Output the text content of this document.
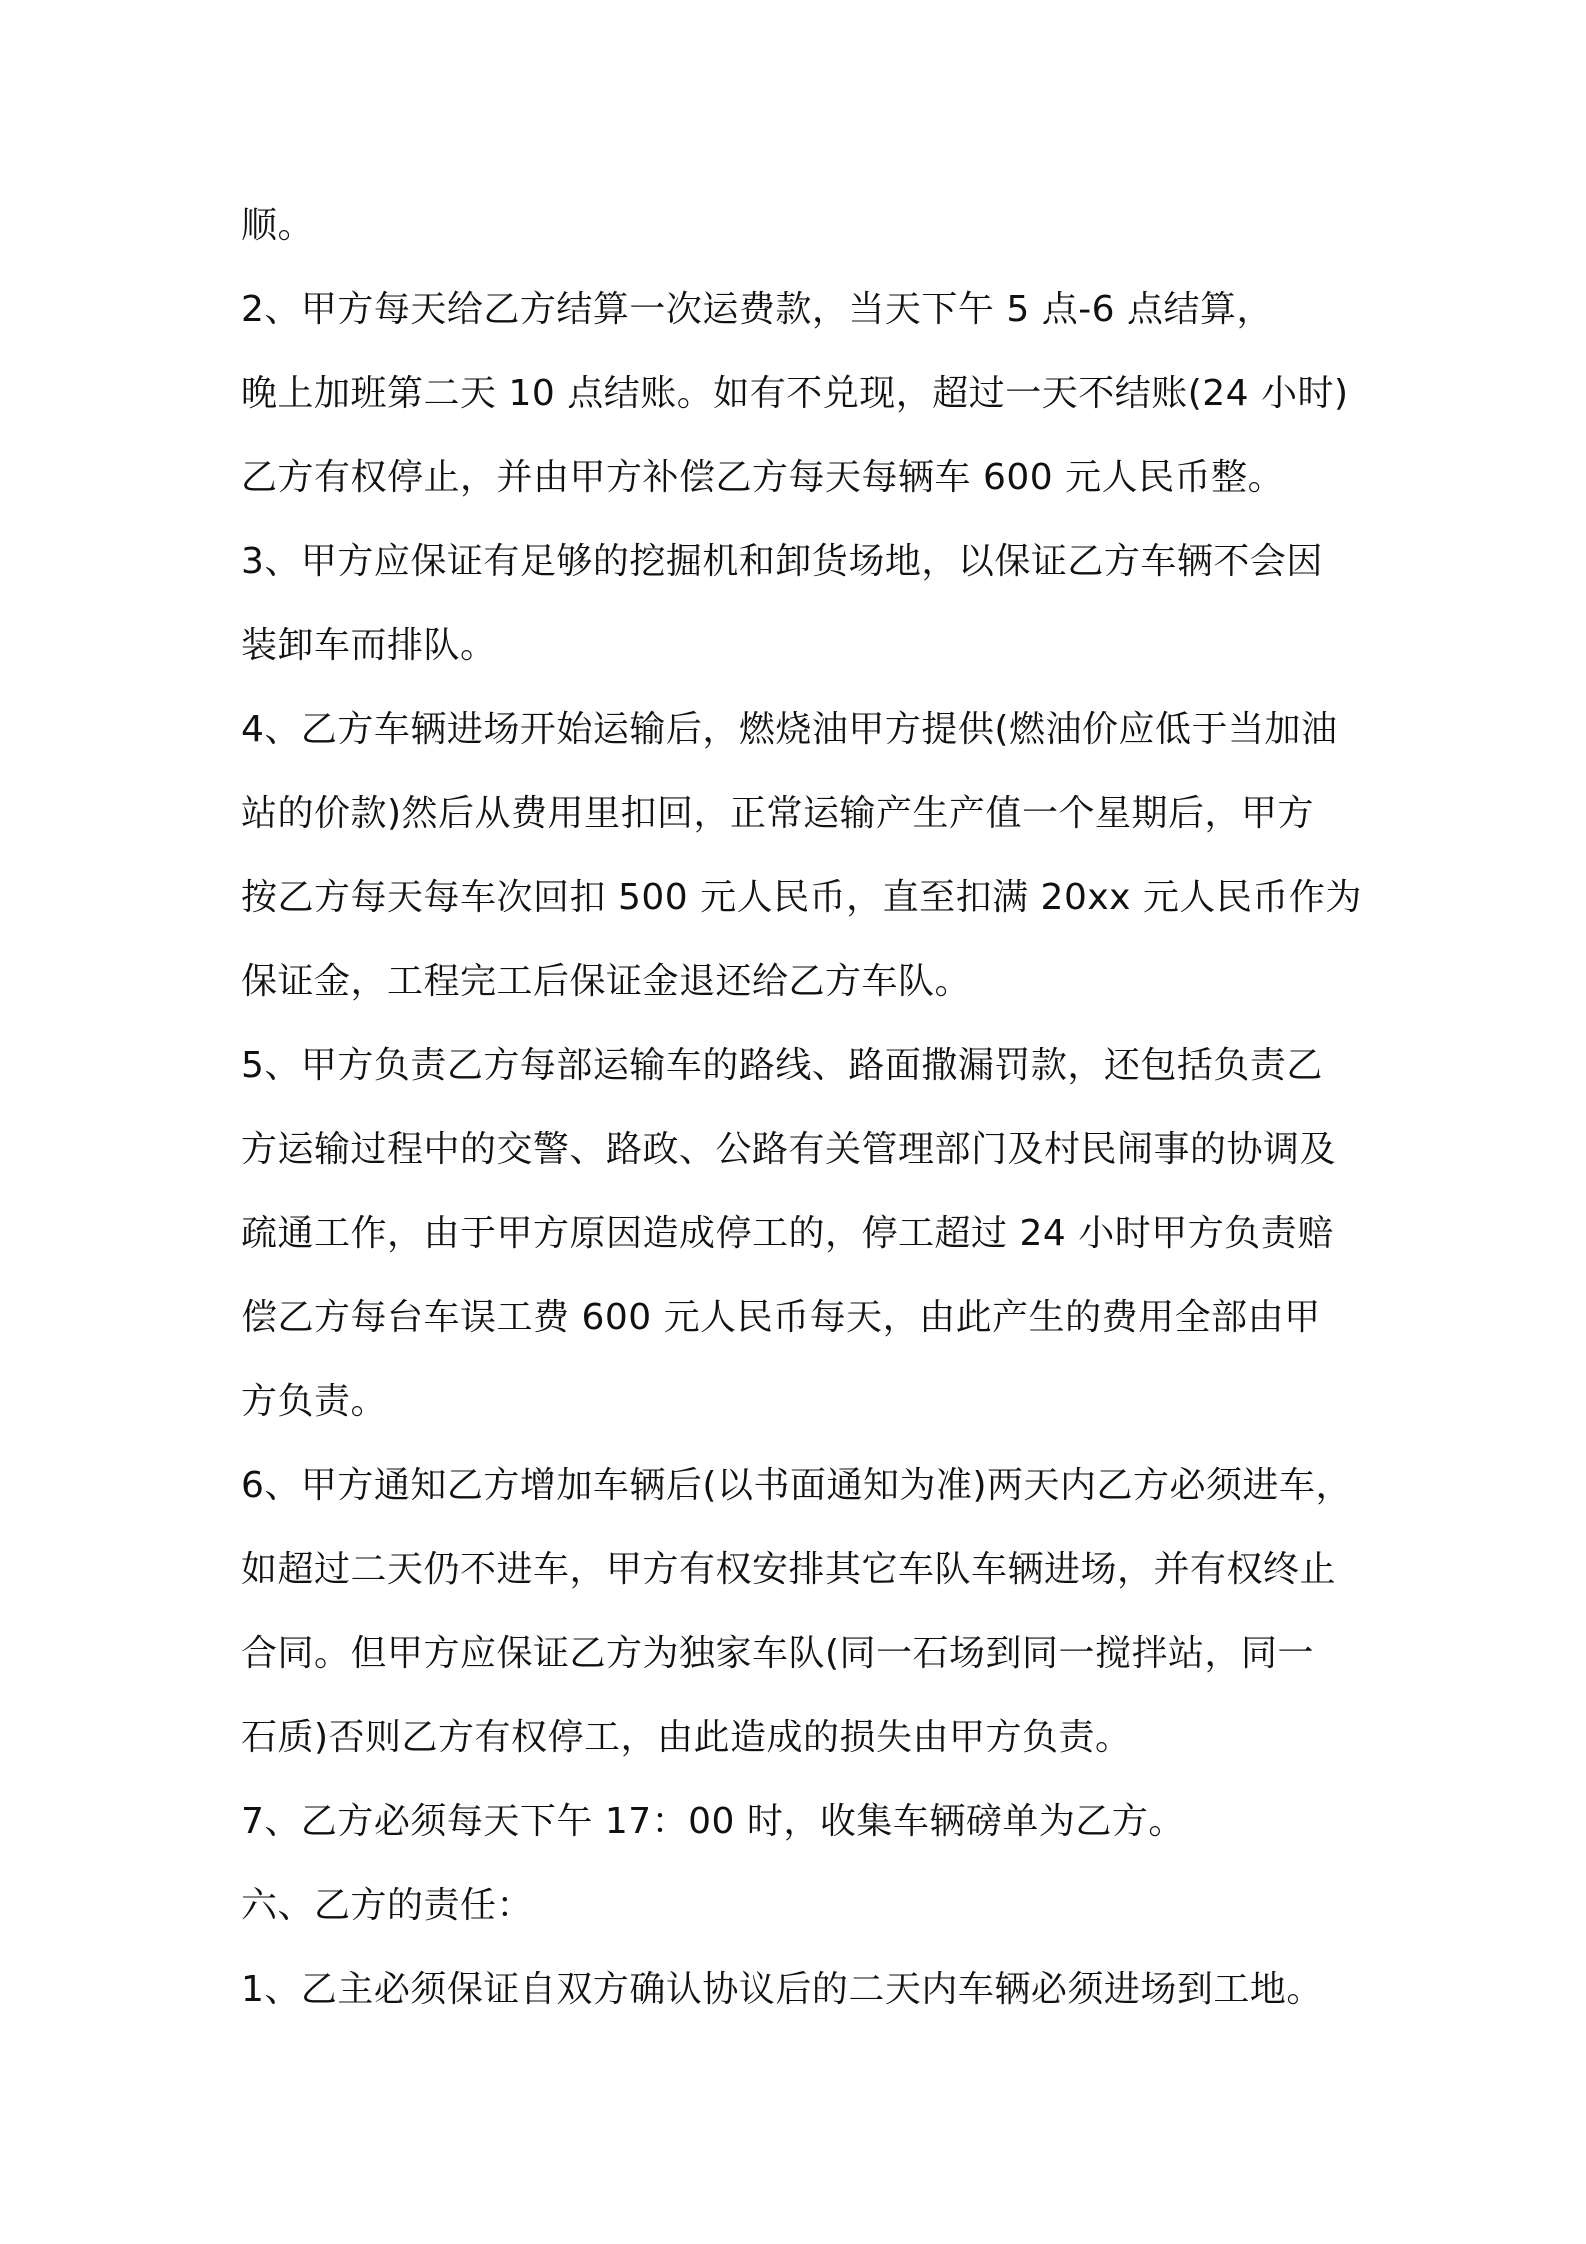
顺。
2、甲方每天给乙方结算一次运费款，当天下午 5 点-6 点结算，
晚上加班第二天 10 点结账。如有不兑现，超过一天不结账(24 小时)
乙方有权停止，并由甲方补偿乙方每天每辆车 600 元人民币整。
3、甲方应保证有足够的挖掘机和卸货场地，以保证乙方车辆不会因
装卸车而排队。
4、乙方车辆进场开始运输后，燃烧油甲方提供(燃油价应低于当加油
站的价款)然后从费用里扣回，正常运输产生产值一个星期后，甲方
按乙方每天每车次回扣 500 元人民币，直至扣满 20xx 元人民币作为
保证金，工程完工后保证金退还给乙方车队。
5、甲方负责乙方每部运输车的路线、路面撒漏罚款，还包括负责乙
方运输过程中的交警、路政、公路有关管理部门及村民闹事的协调及
疏通工作，由于甲方原因造成停工的，停工超过 24 小时甲方负责赔
偿乙方每台车误工费 600 元人民币每天，由此产生的费用全部由甲
方负责。
6、甲方通知乙方增加车辆后(以书面通知为准)两天内乙方必须进车，
如超过二天仍不进车，甲方有权安排其它车队车辆进场，并有权终止
合同。但甲方应保证乙方为独家车队(同一石场到同一搅拌站，同一
石质)否则乙方有权停工，由此造成的损失由甲方负责。
7、乙方必须每天下午 17：00 时，收集车辆磅单为乙方。
六、乙方的责任：
1、乙主必须保证自双方确认协议后的二天内车辆必须进场到工地。
